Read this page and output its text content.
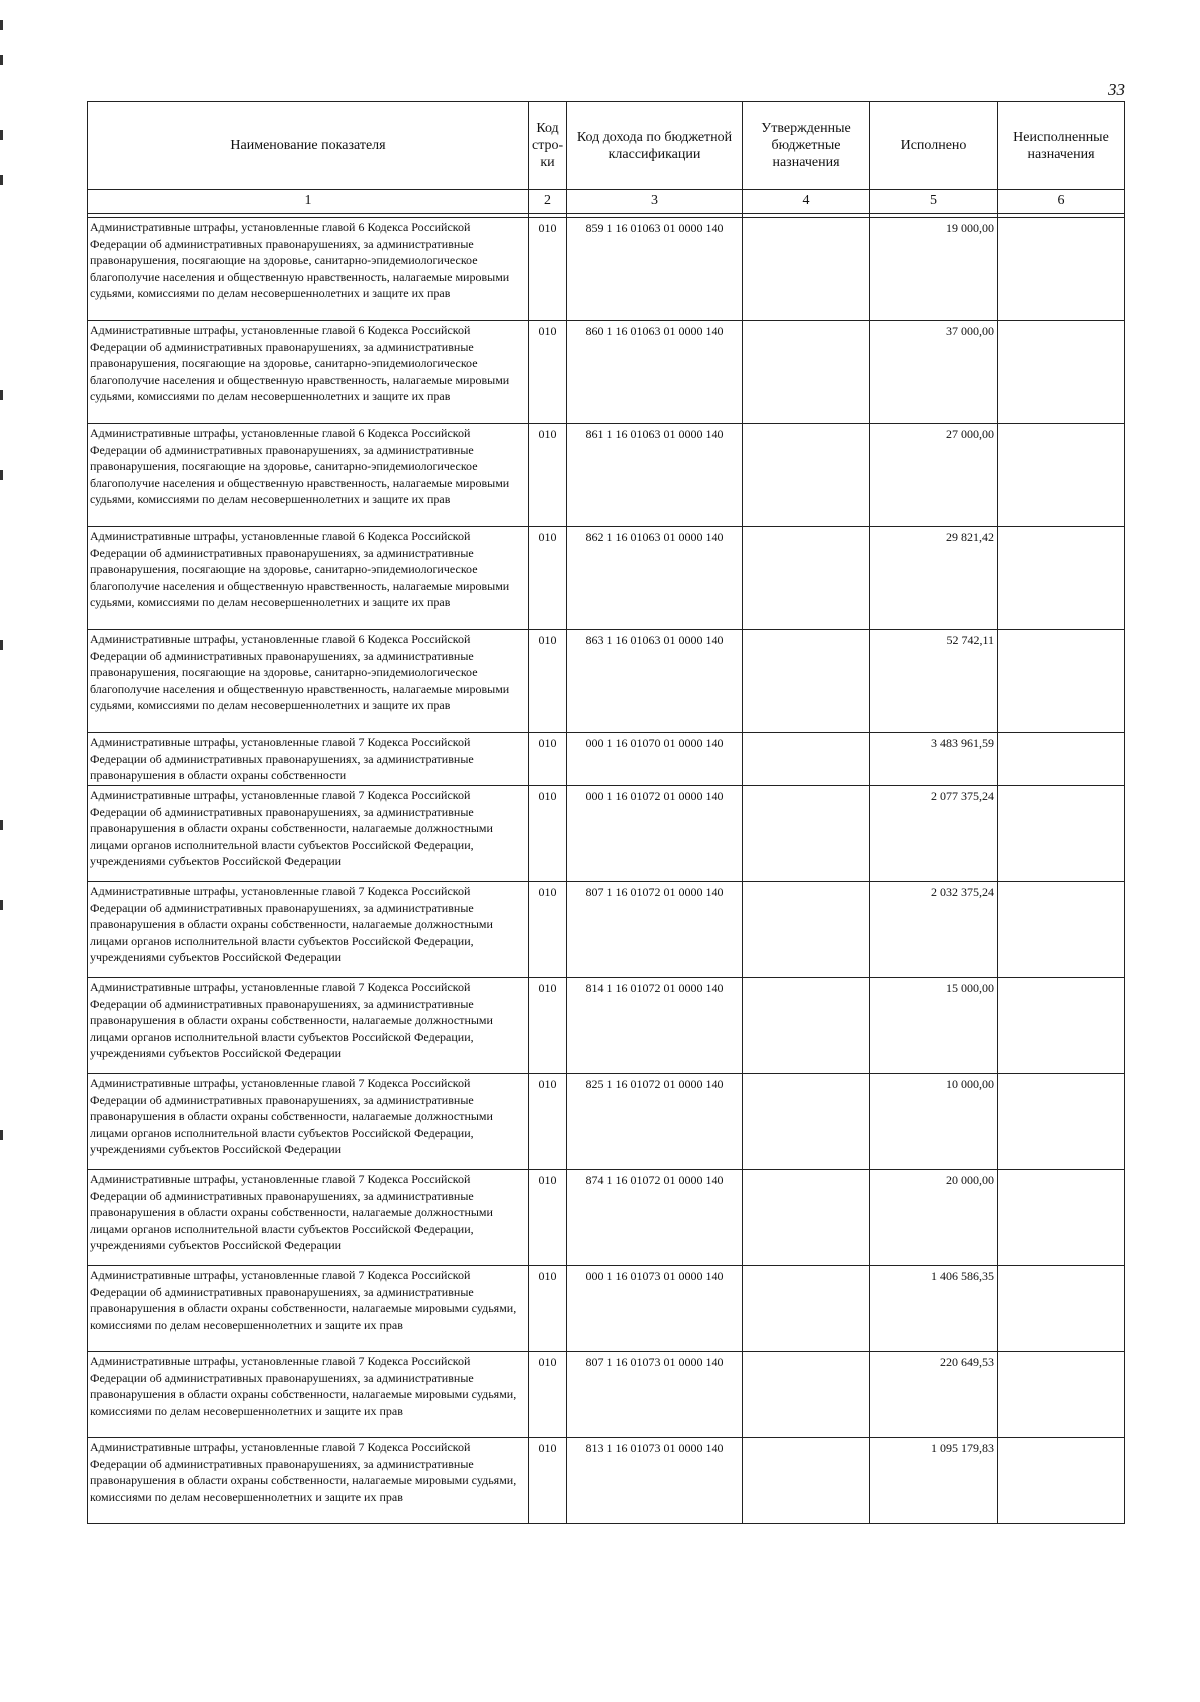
33
Наименование показателя	Код стро-ки	Код дохода по бюджетной классификации	Утвержденные бюджетные назначения	Исполнено	Неисполненные назначения
1	2	3	4	5	6

Административные штрафы, установленные главой 6 Кодекса Российской Федерации об административных правонарушениях, за административные правонарушения, посягающие на здоровье, санитарно-эпидемиологическое благополучие населения и общественную нравственность, налагаемые мировыми судьями, комиссиями по делам несовершеннолетних и защите их прав	010	859 1 16 01063 01 0000 140		19 000,00	
Административные штрафы, установленные главой 6 Кодекса Российской Федерации об административных правонарушениях, за административные правонарушения, посягающие на здоровье, санитарно-эпидемиологическое благополучие населения и общественную нравственность, налагаемые мировыми судьями, комиссиями по делам несовершеннолетних и защите их прав	010	860 1 16 01063 01 0000 140		37 000,00	
Административные штрафы, установленные главой 6 Кодекса Российской Федерации об административных правонарушениях, за административные правонарушения, посягающие на здоровье, санитарно-эпидемиологическое благополучие населения и общественную нравственность, налагаемые мировыми судьями, комиссиями по делам несовершеннолетних и защите их прав	010	861 1 16 01063 01 0000 140		27 000,00	
Административные штрафы, установленные главой 6 Кодекса Российской Федерации об административных правонарушениях, за административные правонарушения, посягающие на здоровье, санитарно-эпидемиологическое благополучие населения и общественную нравственность, налагаемые мировыми судьями, комиссиями по делам несовершеннолетних и защите их прав	010	862 1 16 01063 01 0000 140		29 821,42	
Административные штрафы, установленные главой 6 Кодекса Российской Федерации об административных правонарушениях, за административные правонарушения, посягающие на здоровье, санитарно-эпидемиологическое благополучие населения и общественную нравственность, налагаемые мировыми судьями, комиссиями по делам несовершеннолетних и защите их прав	010	863 1 16 01063 01 0000 140		52 742,11	
Административные штрафы, установленные главой 7 Кодекса Российской Федерации об административных правонарушениях, за административные правонарушения в области охраны собственности	010	000 1 16 01070 01 0000 140		3 483 961,59	
Административные штрафы, установленные главой 7 Кодекса Российской Федерации об административных правонарушениях, за административные правонарушения в области охраны собственности, налагаемые должностными лицами органов исполнительной власти субъектов Российской Федерации, учреждениями субъектов Российской Федерации	010	000 1 16 01072 01 0000 140		2 077 375,24	
Административные штрафы, установленные главой 7 Кодекса Российской Федерации об административных правонарушениях, за административные правонарушения в области охраны собственности, налагаемые должностными лицами органов исполнительной власти субъектов Российской Федерации, учреждениями субъектов Российской Федерации	010	807 1 16 01072 01 0000 140		2 032 375,24	
Административные штрафы, установленные главой 7 Кодекса Российской Федерации об административных правонарушениях, за административные правонарушения в области охраны собственности, налагаемые должностными лицами органов исполнительной власти субъектов Российской Федерации, учреждениями субъектов Российской Федерации	010	814 1 16 01072 01 0000 140		15 000,00	
Административные штрафы, установленные главой 7 Кодекса Российской Федерации об административных правонарушениях, за административные правонарушения в области охраны собственности, налагаемые должностными лицами органов исполнительной власти субъектов Российской Федерации, учреждениями субъектов Российской Федерации	010	825 1 16 01072 01 0000 140		10 000,00	
Административные штрафы, установленные главой 7 Кодекса Российской Федерации об административных правонарушениях, за административные правонарушения в области охраны собственности, налагаемые должностными лицами органов исполнительной власти субъектов Российской Федерации, учреждениями субъектов Российской Федерации	010	874 1 16 01072 01 0000 140		20 000,00	
Административные штрафы, установленные главой 7 Кодекса Российской Федерации об административных правонарушениях, за административные правонарушения в области охраны собственности, налагаемые мировыми судьями, комиссиями по делам несовершеннолетних и защите их прав	010	000 1 16 01073 01 0000 140		1 406 586,35	
Административные штрафы, установленные главой 7 Кодекса Российской Федерации об административных правонарушениях, за административные правонарушения в области охраны собственности, налагаемые мировыми судьями, комиссиями по делам несовершеннолетних и защите их прав	010	807 1 16 01073 01 0000 140		220 649,53	
Административные штрафы, установленные главой 7 Кодекса Российской Федерации об административных правонарушениях, за административные правонарушения в области охраны собственности, налагаемые мировыми судьями, комиссиями по делам несовершеннолетних и защите их прав	010	813 1 16 01073 01 0000 140		1 095 179,83	
